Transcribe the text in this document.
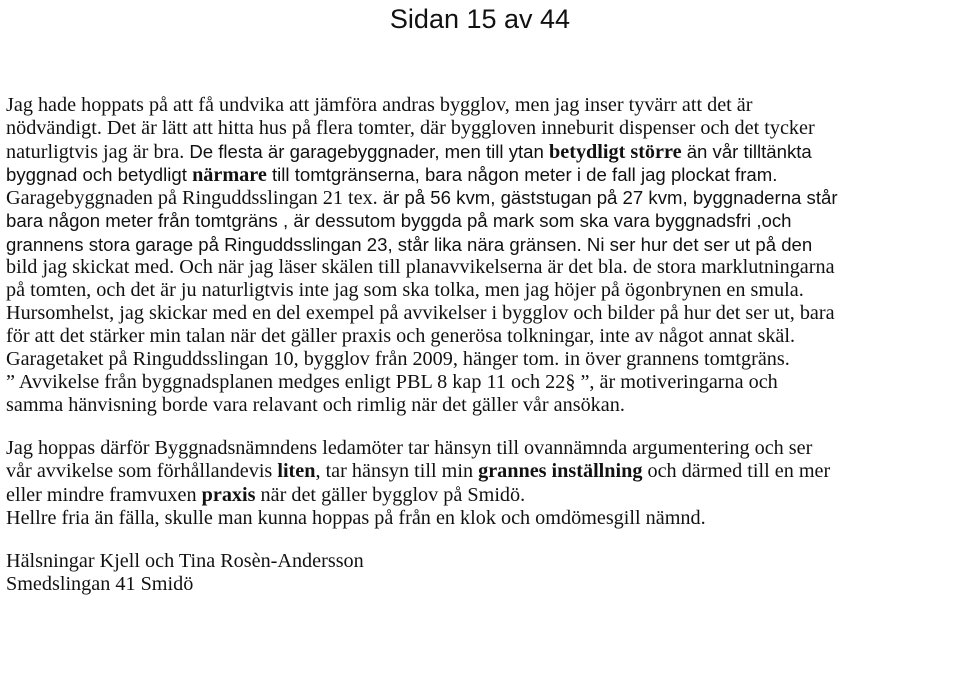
Sidan 15 av 44
Jag hade hoppats på att få undvika att jämföra andras bygglov, men jag inser tyvärr att det är
nödvändigt. Det är lätt att hitta hus på flera tomter, där byggloven inneburit dispenser och det tycker
naturligtvis jag är bra. De flesta är garagebyggnader, men till ytan betydligt större än vår tilltänkta
byggnad och betydligt närmare till tomtgränserna, bara någon meter i de fall jag plockat fram.
Garagebyggnaden på Ringuddsslingan 21 tex. är på 56 kvm, gäststugan på 27 kvm, byggnaderna står
bara någon meter från tomtgräns , är dessutom byggda på mark som ska vara byggnadsfri ,och
grannens stora garage på Ringuddsslingan 23, står lika nära gränsen. Ni ser hur det ser ut på den
bild jag skickat med. Och när jag läser skälen till planavvikelserna är det bla. de stora marklutningarna
på tomten, och det är ju naturligtvis inte jag som ska tolka, men jag höjer på ögonbrynen en smula.
Hursomhelst, jag skickar med en del exempel på avvikelser i bygglov och bilder på hur det ser ut, bara
för att det stärker min talan när det gäller praxis och generösa tolkningar, inte av något annat skäl.
Garagetaket på Ringuddsslingan 10, bygglov från 2009, hänger tom. in över grannens tomtgräns.
” Avvikelse från byggnadsplanen medges enligt PBL 8 kap 11 och 22§ ”, är motiveringarna och
samma hänvisning borde vara relavant och rimlig när det gäller vår ansökan.
Jag hoppas därför Byggnadsnämndens ledamöter tar hänsyn till ovannämnda argumentering och ser
vår avvikelse som förhållandevis liten, tar hänsyn till min grannes inställning och därmed till en mer
eller mindre framvuxen praxis när det gäller bygglov på Smidö.
Hellre fria än fälla, skulle man kunna hoppas på från en klok och omdömesgill nämnd.
Hälsningar Kjell och Tina Rosèn-Andersson
Smedslingan 41 Smidö
